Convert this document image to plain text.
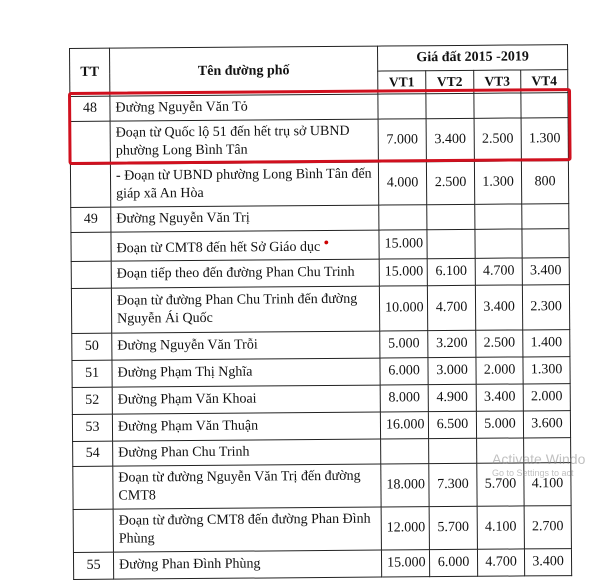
TT	Tên đường phố	Giá đất 2015 -2019			
		VT1	VT2	VT3	VT4
48	Đường Nguyễn Văn Tỏ				
	Đoạn từ Quốc lộ 51 đến hết trụ sở UBND phường Long Bình Tân	7.000	3.400	2.500	1.300
	- Đoạn từ UBND phường Long Bình Tân đến giáp xã An Hòa	4.000	2.500	1.300	800
49	Đường Nguyễn Văn Trị				
	Đoạn từ CMT8 đến hết Sở Giáo dục ●	15.000			
	Đoạn tiếp theo đến đường Phan Chu Trinh	15.000	6.100	4.700	3.400
	Đoạn từ đường Phan Chu Trinh đến đường Nguyễn Ái Quốc	10.000	4.700	3.400	2.300
50	Đường Nguyễn Văn Trỗi	5.000	3.200	2.500	1.400
51	Đường Phạm Thị Nghĩa	6.000	3.000	2.000	1.300
52	Đường Phạm Văn Khoai	8.000	4.900	3.400	2.000
53	Đường Phạm Văn Thuận	16.000	6.500	5.000	3.600
54	Đường Phan Chu Trinh				
	Đoạn từ đường Nguyễn Văn Trị đến đường CMT8	18.000	7.300	5.700	4.100
	Đoạn từ đường CMT8 đến đường Phan Đình Phùng	12.000	5.700	4.100	2.700
55	Đường Phan Đình Phùng	15.000	6.000	4.700	3.400
Activate Windo
Go to Settings to act
